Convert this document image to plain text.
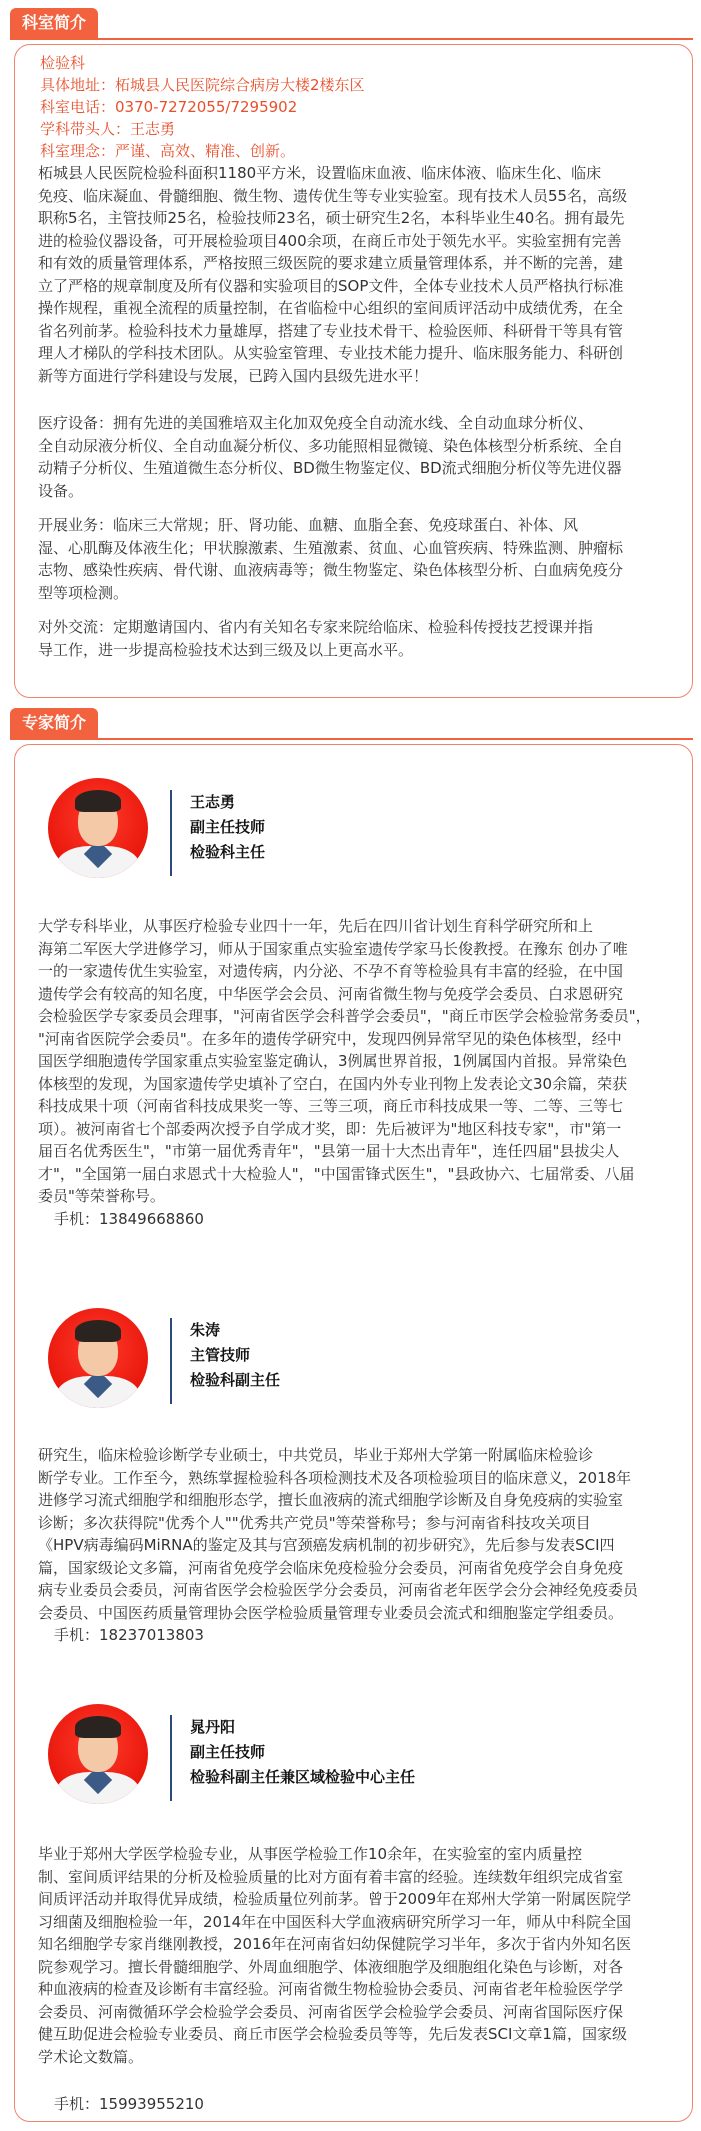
科室简介
检验科
具体地址：柘城县人民医院综合病房大楼2楼东区
科室电话：0370-7272055/7295902
学科带头人：王志勇
科室理念：严谨、高效、精准、创新。
柘城县人民医院检验科面积1180平方米，设置临床血液、临床体液、临床生化、临床
免疫、临床凝血、骨髓细胞、微生物、遗传优生等专业实验室。现有技术人员55名，高级
职称5名，主管技师25名，检验技师23名，硕士研究生2名，本科毕业生40名。拥有最先
进的检验仪器设备，可开展检验项目400余项，在商丘市处于领先水平。实验室拥有完善
和有效的质量管理体系，严格按照三级医院的要求建立质量管理体系，并不断的完善，建
立了严格的规章制度及所有仪器和实验项目的SOP文件，全体专业技术人员严格执行标准
操作规程，重视全流程的质量控制，在省临检中心组织的室间质评活动中成绩优秀，在全
省名列前茅。检验科技术力量雄厚，搭建了专业技术骨干、检验医师、科研骨干等具有管
理人才梯队的学科技术团队。从实验室管理、专业技术能力提升、临床服务能力、科研创
新等方面进行学科建设与发展，已跨入国内县级先进水平！
医疗设备：拥有先进的美国雅培双主化加双免疫全自动流水线、全自动血球分析仪、
全自动尿液分析仪、全自动血凝分析仪、多功能照相显微镜、染色体核型分析系统、全自
动精子分析仪、生殖道微生态分析仪、BD微生物鉴定仪、BD流式细胞分析仪等先进仪器
设备。
开展业务：临床三大常规；肝、肾功能、血糖、血脂全套、免疫球蛋白、补体、风
湿、心肌酶及体液生化；甲状腺激素、生殖激素、贫血、心血管疾病、特殊监测、肿瘤标
志物、感染性疾病、骨代谢、血液病毒等；微生物鉴定、染色体核型分析、白血病免疫分
型等项检测。
对外交流：定期邀请国内、省内有关知名专家来院给临床、检验科传授技艺授课并指
导工作，进一步提高检验技术达到三级及以上更高水平。
专家简介
王志勇
副主任技师
检验科主任
大学专科毕业，从事医疗检验专业四十一年，先后在四川省计划生育科学研究所和上
海第二军医大学进修学习，师从于国家重点实验室遗传学家马长俊教授。在豫东 创办了唯
一的一家遗传优生实验室，对遗传病，内分泌、不孕不育等检验具有丰富的经验，在中国
遗传学会有较高的知名度，中华医学会会员、河南省微生物与免疫学会委员、白求恩研究
会检验医学专家委员会理事，"河南省医学会科普学会委员"，"商丘市医学会检验常务委员"，
"河南省医院学会委员"。在多年的遗传学研究中，发现四例异常罕见的染色体核型，经中
国医学细胞遗传学国家重点实验室鉴定确认，3例属世界首报，1例属国内首报。异常染色
体核型的发现，为国家遗传学史填补了空白，在国内外专业刊物上发表论文30余篇，荣获
科技成果十项（河南省科技成果奖一等、三等三项，商丘市科技成果一等、二等、三等七
项）。被河南省七个部委两次授予自学成才奖，即：先后被评为"地区科技专家"，市"第一
届百名优秀医生"，"市第一届优秀青年"，"县第一届十大杰出青年"，连任四届"县拔尖人
才"，"全国第一届白求恩式十大检验人"，"中国雷锋式医生"，"县政协六、七届常委、八届
委员"等荣誉称号。
手机：13849668860
朱涛
主管技师
检验科副主任
研究生，临床检验诊断学专业硕士，中共党员，毕业于郑州大学第一附属临床检验诊
断学专业。工作至今，熟练掌握检验科各项检测技术及各项检验项目的临床意义，2018年
进修学习流式细胞学和细胞形态学，擅长血液病的流式细胞学诊断及自身免疫病的实验室
诊断；多次获得院"优秀个人""优秀共产党员"等荣誉称号；参与河南省科技攻关项目
《HPV病毒编码MiRNA的鉴定及其与宫颈癌发病机制的初步研究》，先后参与发表SCI四
篇，国家级论文多篇，河南省免疫学会临床免疫检验分会委员，河南省免疫学会自身免疫
病专业委员会委员，河南省医学会检验医学分会委员，河南省老年医学会分会神经免疫委员
会委员、中国医药质量管理协会医学检验质量管理专业委员会流式和细胞鉴定学组委员。
手机：18237013803
晁丹阳
副主任技师
检验科副主任兼区域检验中心主任
毕业于郑州大学医学检验专业，从事医学检验工作10余年，在实验室的室内质量控
制、室间质评结果的分析及检验质量的比对方面有着丰富的经验。连续数年组织完成省室
间质评活动并取得优异成绩，检验质量位列前茅。曾于2009年在郑州大学第一附属医院学
习细菌及细胞检验一年，2014年在中国医科大学血液病研究所学习一年，师从中科院全国
知名细胞学专家肖继刚教授，2016年在河南省妇幼保健院学习半年，多次于省内外知名医
院参观学习。擅长骨髓细胞学、外周血细胞学、体液细胞学及细胞组化染色与诊断，对各
种血液病的检查及诊断有丰富经验。河南省微生物检验协会委员、河南省老年检验医学学
会委员、河南微循环学会检验学会委员、河南省医学会检验学会委员、河南省国际医疗保
健互助促进会检验专业委员、商丘市医学会检验委员等等，先后发表SCI文章1篇，国家级
学术论文数篇。
手机：15993955210
